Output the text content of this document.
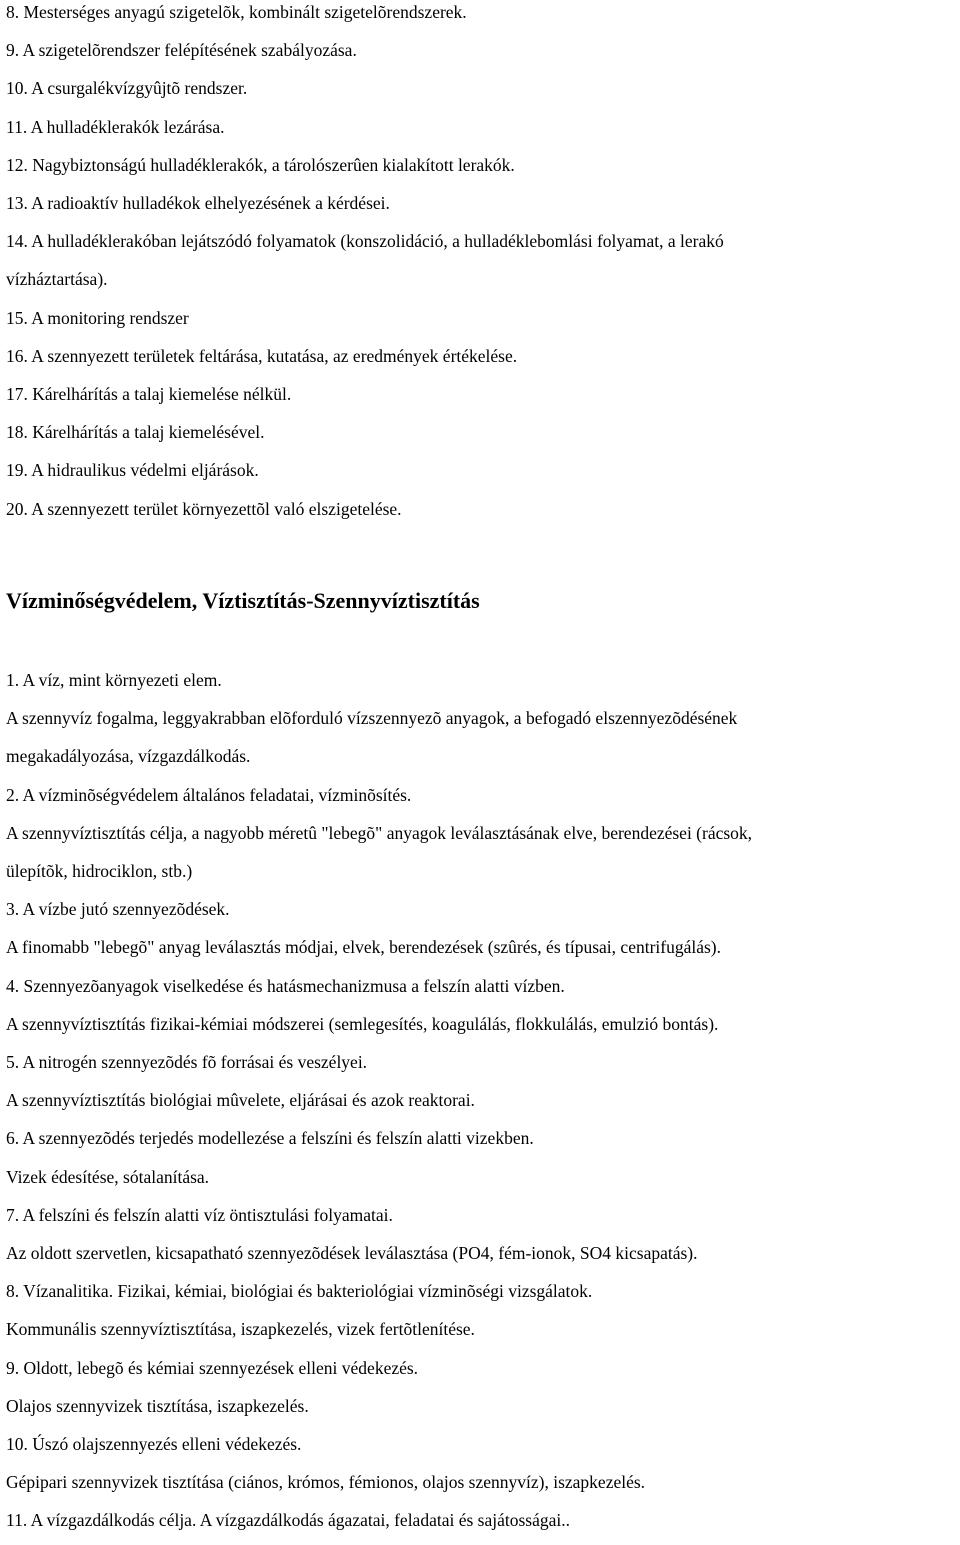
8. Mesterséges anyagú szigetelõk, kombinált szigetelõrendszerek.

9. A szigetelõrendszer felépítésének szabályozása.

10. A csurgalékvízgyûjtõ rendszer.

11. A hulladéklerakók lezárása.

12. Nagybiztonságú hulladéklerakók, a tárolószerûen kialakított lerakók.

13. A radioaktív hulladékok elhelyezésének a kérdései.

14. A hulladéklerakóban lejátszódó folyamatok (konszolidáció, a hulladéklebomlási folyamat, a lerakó

vízháztartása).

15. A monitoring rendszer

16. A szennyezett területek feltárása, kutatása, az eredmények értékelése.

17. Kárelhárítás a talaj kiemelése nélkül.

18. Kárelhárítás a talaj kiemelésével.

19. A hidraulikus védelmi eljárások.

20. A szennyezett terület környezettõl való elszigetelése.

Vízminőségvédelem, Víztisztítás-Szennyvíztisztítás

1. A víz, mint környezeti elem.

A szennyvíz fogalma, leggyakrabban elõforduló vízszennyezõ anyagok, a befogadó elszennyezõdésének

megakadályozása, vízgazdálkodás.

2. A vízminõségvédelem általános feladatai, vízminõsítés.

A szennyvíztisztítás célja, a nagyobb méretû "lebegõ" anyagok leválasztásának elve, berendezései (rácsok,

ülepítõk, hidrociklon, stb.)

3. A vízbe jutó szennyezõdések.

A finomabb "lebegõ" anyag leválasztás módjai, elvek, berendezések (szûrés, és típusai, centrifugálás).

4. Szennyezõanyagok viselkedése és hatásmechanizmusa a felszín alatti vízben.

A szennyvíztisztítás fizikai-kémiai módszerei (semlegesítés, koagulálás, flokkulálás, emulzió bontás).

5. A nitrogén szennyezõdés fõ forrásai és veszélyei.

A szennyvíztisztítás biológiai mûvelete, eljárásai és azok reaktorai.

6. A szennyezõdés terjedés modellezése a felszíni és felszín alatti vizekben.

Vizek édesítése, sótalanítása.

7. A felszíni és felszín alatti víz öntisztulási folyamatai.

Az oldott szervetlen, kicsapatható szennyezõdések leválasztása (PO4, fém-ionok, SO4 kicsapatás).

8. Vízanalitika. Fizikai, kémiai, biológiai és bakteriológiai vízminõségi vizsgálatok.

Kommunális szennyvíztisztítása, iszapkezelés, vizek fertõtlenítése.

9. Oldott, lebegõ és kémiai szennyezések elleni védekezés.

Olajos szennyvizek tisztítása, iszapkezelés.

10. Úszó olajszennyezés elleni védekezés.

Gépipari szennyvizek tisztítása (ciános, krómos, fémionos, olajos szennyvíz), iszapkezelés.

11. A vízgazdálkodás célja. A vízgazdálkodás ágazatai, feladatai és sajátosságai..
